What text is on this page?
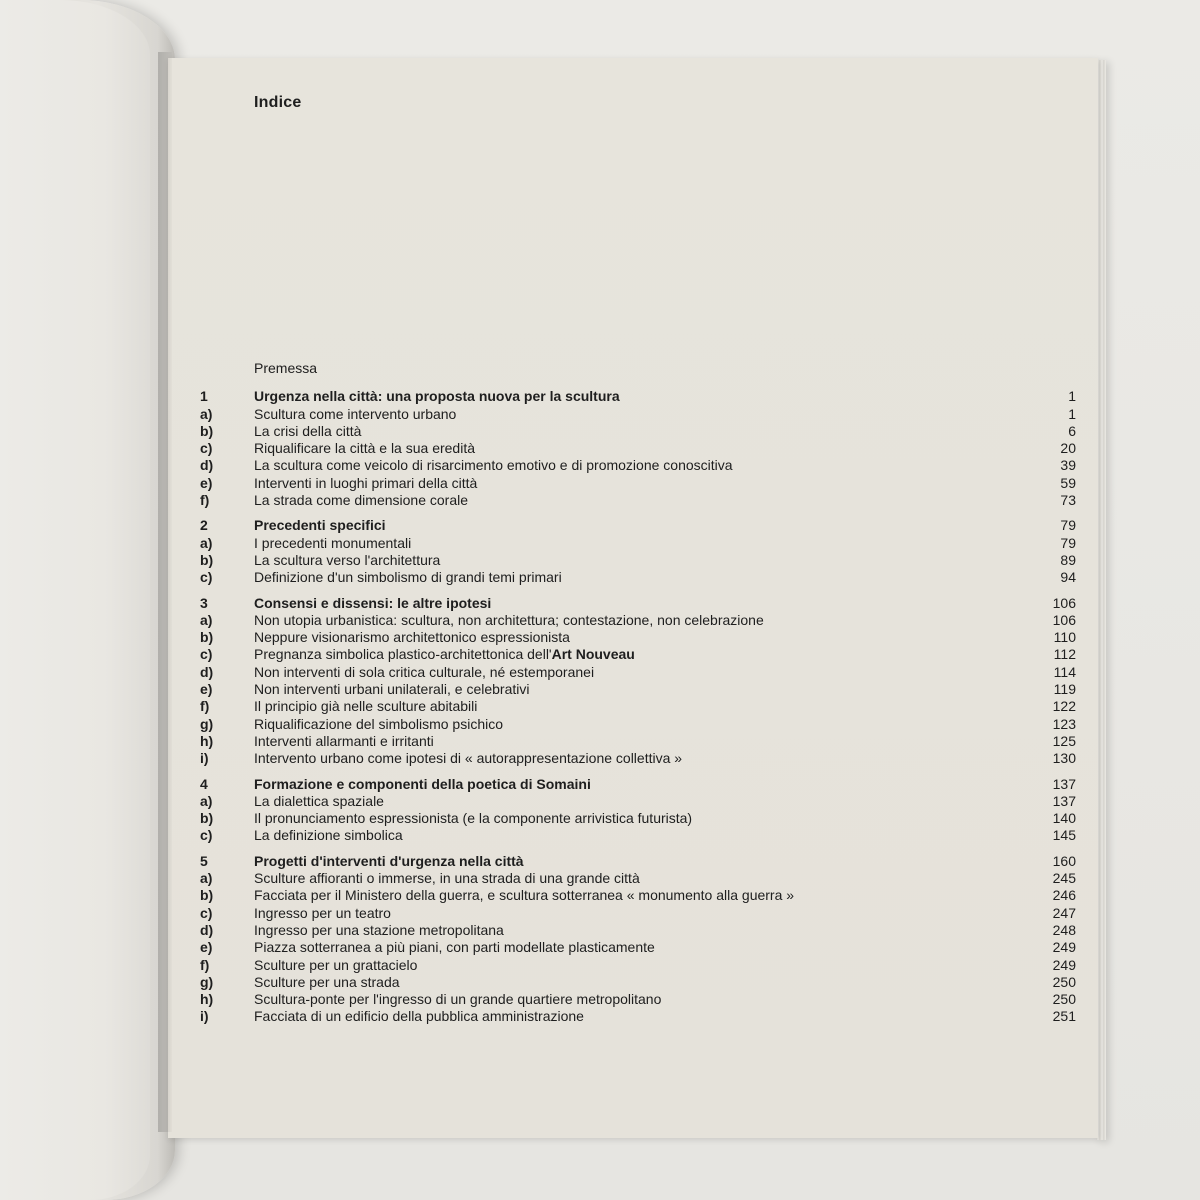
Indice
Premessa
1	Urgenza nella città: una proposta nuova per la scultura	1
a)	Scultura come intervento urbano	1
b)	La crisi della città	6
c)	Riqualificare la città e la sua eredità	20
d)	La scultura come veicolo di risarcimento emotivo e di promozione conoscitiva	39
e)	Interventi in luoghi primari della città	59
f)	La strada come dimensione corale	73
2	Precedenti specifici	79
a)	I precedenti monumentali	79
b)	La scultura verso l'architettura	89
c)	Definizione d'un simbolismo di grandi temi primari	94
3	Consensi e dissensi: le altre ipotesi	106
a)	Non utopia urbanistica: scultura, non architettura; contestazione, non celebrazione	106
b)	Neppure visionarismo architettonico espressionista	110
c)	Pregnanza simbolica plastico-architettonica dell'Art Nouveau	112
d)	Non interventi di sola critica culturale, né estemporanei	114
e)	Non interventi urbani unilaterali, e celebrativi	119
f)	Il principio già nelle sculture abitabili	122
g)	Riqualificazione del simbolismo psichico	123
h)	Interventi allarmanti e irritanti	125
i)	Intervento urbano come ipotesi di « autorappresentazione collettiva »	130
4	Formazione e componenti della poetica di Somaini	137
a)	La dialettica spaziale	137
b)	Il pronunciamento espressionista (e la componente arrivistica futurista)	140
c)	La definizione simbolica	145
5	Progetti d'interventi d'urgenza nella città	160
a)	Sculture affioranti o immerse, in una strada di una grande città	245
b)	Facciata per il Ministero della guerra, e scultura sotterranea « monumento alla guerra »	246
c)	Ingresso per un teatro	247
d)	Ingresso per una stazione metropolitana	248
e)	Piazza sotterranea a più piani, con parti modellate plasticamente	249
f)	Sculture per un grattacielo	249
g)	Sculture per una strada	250
h)	Scultura-ponte per l'ingresso di un grande quartiere metropolitano	250
i)	Facciata di un edificio della pubblica amministrazione	251
